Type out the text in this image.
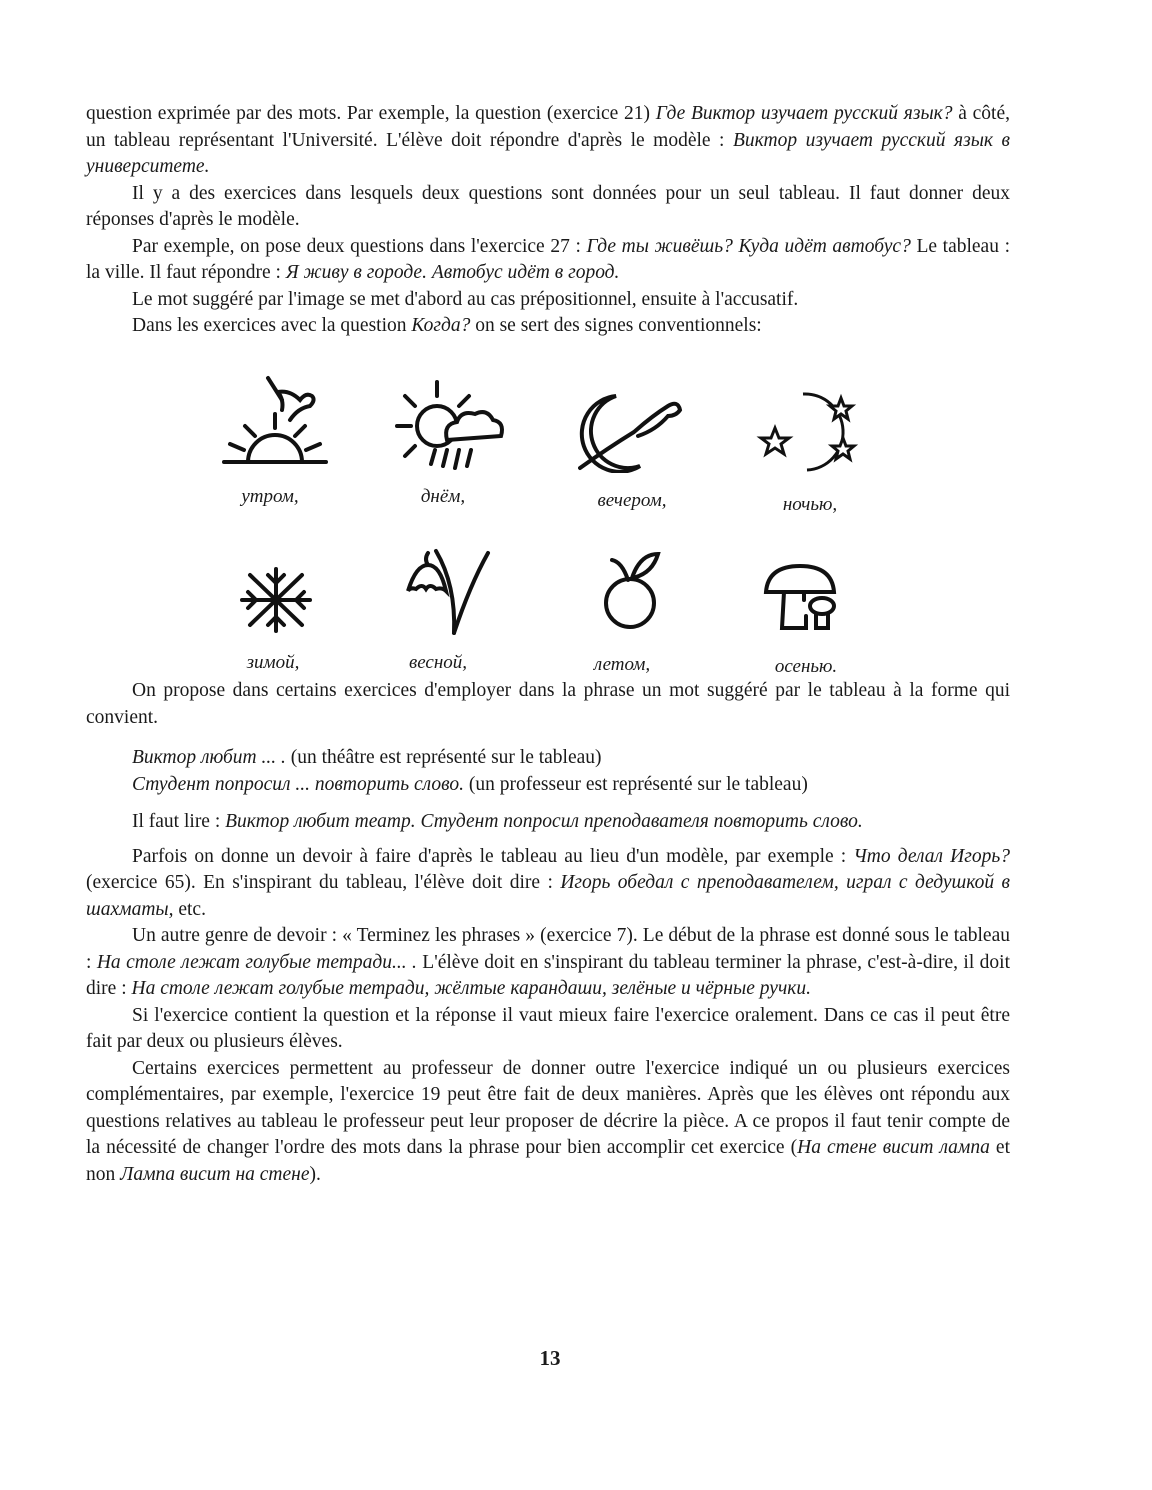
question exprimée par des mots. Par exemple, la question (exercice 21) Где Виктор изучает русский язык? à côté, un tableau représentant l'Université. L'élève doit répondre d'après le modèle : Виктор изучает русский язык в университете.

Il y a des exercices dans lesquels deux questions sont données pour un seul tableau. Il faut donner deux réponses d'après le modèle.

Par exemple, on pose deux questions dans l'exercice 27 : Где ты живёшь? Куда идёт автобус? Le tableau : la ville. Il faut répondre : Я живу в городе. Автобус идёт в город.

Le mot suggéré par l'image se met d'abord au cas prépositionnel, ensuite à l'accusatif.

Dans les exercices avec la question Когда? on se sert des signes conventionnels:

утром,	днём,	вечером,	ночью,
зимой,	весной,	летом,	осенью.

On propose dans certains exercices d'employer dans la phrase un mot suggéré par le tableau à la forme qui convient.

Виктор любит ... . (un théâtre est représenté sur le tableau)
Студент попросил ... повторить слово. (un professeur est représenté sur le tableau)

Il faut lire : Виктор любит театр. Студент попросил преподавателя повторить слово.

Parfois on donne un devoir à faire d'après le tableau au lieu d'un modèle, par exemple : Что делал Игорь? (exercice 65). En s'inspirant du tableau, l'élève doit dire : Игорь обедал с преподавателем, играл с дедушкой в шахматы, etc.

Un autre genre de devoir : « Terminez les phrases » (exercice 7). Le début de la phrase est donné sous le tableau : На столе лежат голубые тетради... . L'élève doit en s'inspirant du tableau terminer la phrase, c'est-à-dire, il doit dire : На столе лежат голубые тетради, жёлтые карандаши, зелёные и чёрные ручки.

Si l'exercice contient la question et la réponse il vaut mieux faire l'exercice oralement. Dans ce cas il peut être fait par deux ou plusieurs élèves.

Certains exercices permettent au professeur de donner outre l'exercice indiqué un ou plusieurs exercices complémentaires, par exemple, l'exercice 19 peut être fait de deux manières. Après que les élèves ont répondu aux questions relatives au tableau le professeur peut leur proposer de décrire la pièce. A ce propos il faut tenir compte de la nécessité de changer l'ordre des mots dans la phrase pour bien accomplir cet exercice (На стене висит лампа et non Лампа висит на стене).

13
